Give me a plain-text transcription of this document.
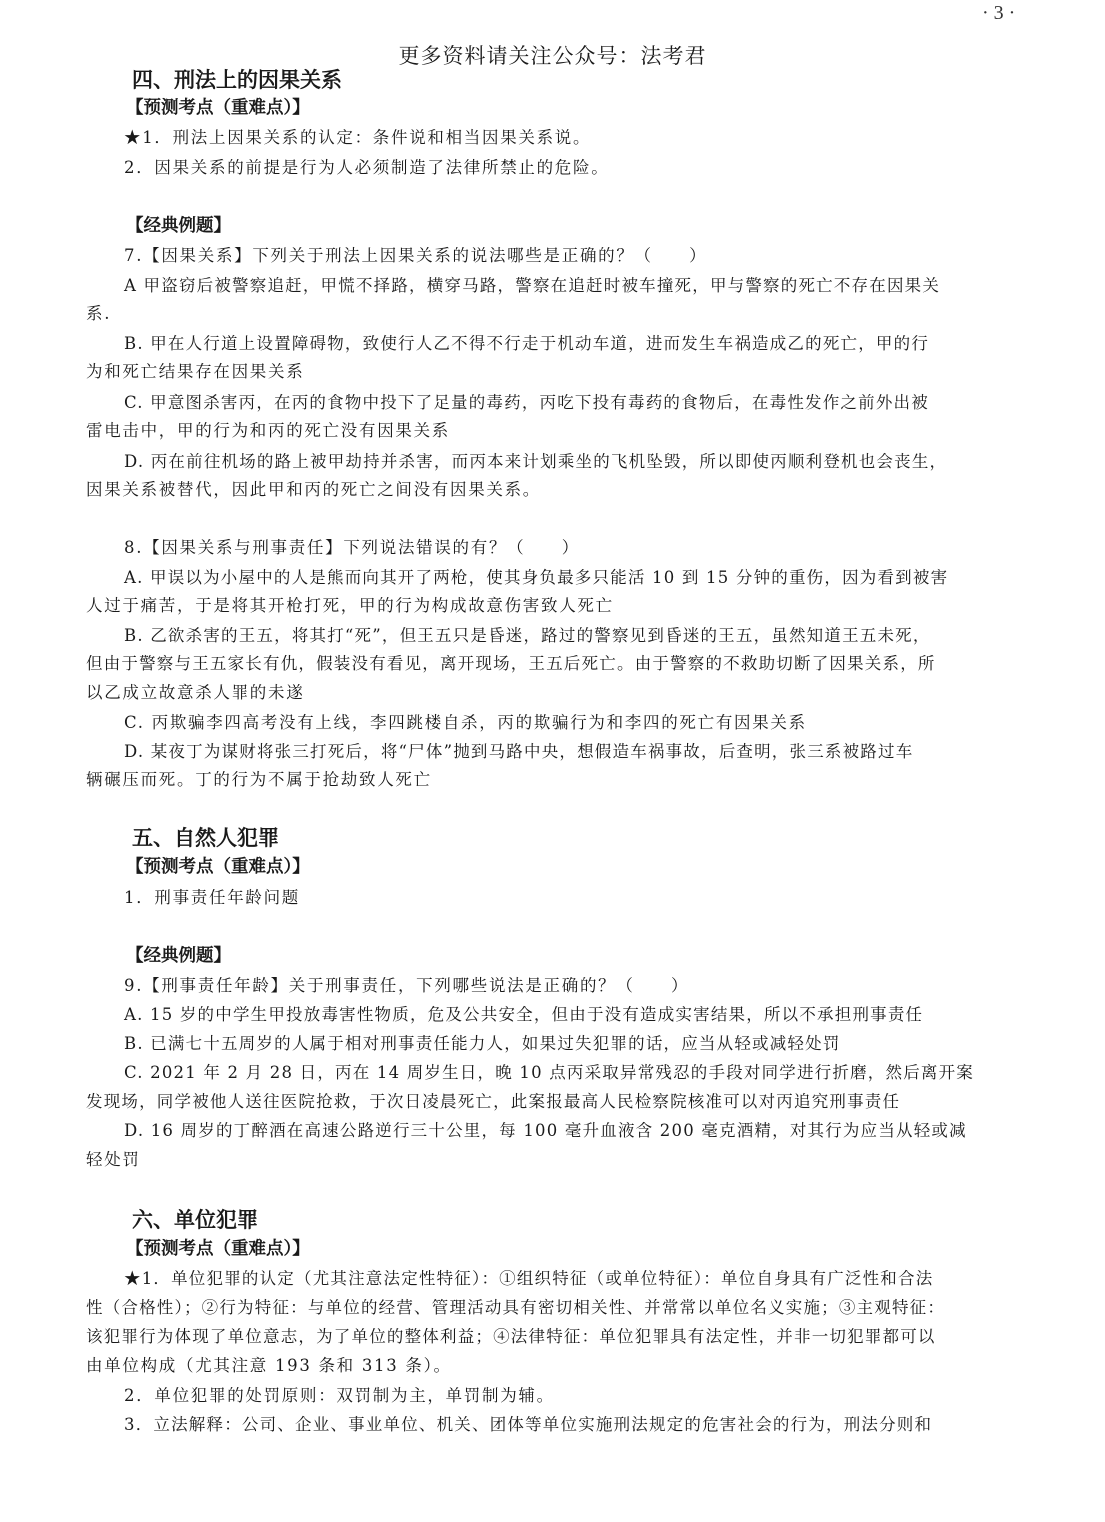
· 3 ·
更多资料请关注公众号：法考君
四、刑法上的因果关系
【预测考点（重难点）】
★1．刑法上因果关系的认定：条件说和相当因果关系说。
2．因果关系的前提是行为人必须制造了法律所禁止的危险。
【经典例题】
7.【因果关系】下列关于刑法上因果关系的说法哪些是正确的？（　　）
A 甲盗窃后被警察追赶，甲慌不择路，横穿马路，警察在追赶时被车撞死，甲与警察的死亡不存在因果关
系.
B. 甲在人行道上设置障碍物，致使行人乙不得不行走于机动车道，进而发生车祸造成乙的死亡，甲的行
为和死亡结果存在因果关系
C. 甲意图杀害丙，在丙的食物中投下了足量的毒药，丙吃下投有毒药的食物后，在毒性发作之前外出被
雷电击中，甲的行为和丙的死亡没有因果关系
D. 丙在前往机场的路上被甲劫持并杀害，而丙本来计划乘坐的飞机坠毁，所以即使丙顺利登机也会丧生，
因果关系被替代，因此甲和丙的死亡之间没有因果关系。
8.【因果关系与刑事责任】下列说法错误的有？（　　）
A. 甲误以为小屋中的人是熊而向其开了两枪，使其身负最多只能活 10 到 15 分钟的重伤，因为看到被害
人过于痛苦，于是将其开枪打死，甲的行为构成故意伤害致人死亡
B. 乙欲杀害的王五，将其打“死”，但王五只是昏迷，路过的警察见到昏迷的王五，虽然知道王五未死，
但由于警察与王五家长有仇，假装没有看见，离开现场，王五后死亡。由于警察的不救助切断了因果关系，所
以乙成立故意杀人罪的未遂
C. 丙欺骗李四高考没有上线，李四跳楼自杀，丙的欺骗行为和李四的死亡有因果关系
D. 某夜丁为谋财将张三打死后，将“尸体”抛到马路中央，想假造车祸事故，后查明，张三系被路过车
辆碾压而死。丁的行为不属于抢劫致人死亡
五、自然人犯罪
【预测考点（重难点）】
1．刑事责任年龄问题
【经典例题】
9.【刑事责任年龄】关于刑事责任，下列哪些说法是正确的？（　　）
A. 15 岁的中学生甲投放毒害性物质，危及公共安全，但由于没有造成实害结果，所以不承担刑事责任
B. 已满七十五周岁的人属于相对刑事责任能力人，如果过失犯罪的话，应当从轻或减轻处罚
C. 2021 年 2 月 28 日，丙在 14 周岁生日，晚 10 点丙采取异常残忍的手段对同学进行折磨，然后离开案
发现场，同学被他人送往医院抢救，于次日凌晨死亡，此案报最高人民检察院核准可以对丙追究刑事责任
D. 16 周岁的丁醉酒在高速公路逆行三十公里，每 100 毫升血液含 200 毫克酒精，对其行为应当从轻或减
轻处罚
六、单位犯罪
【预测考点（重难点）】
★1．单位犯罪的认定（尤其注意法定性特征）：①组织特征（或单位特征）：单位自身具有广泛性和合法
性（合格性）；②行为特征：与单位的经营、管理活动具有密切相关性、并常常以单位名义实施；③主观特征：
该犯罪行为体现了单位意志，为了单位的整体利益；④法律特征：单位犯罪具有法定性，并非一切犯罪都可以
由单位构成（尤其注意 193 条和 313 条）。
2．单位犯罪的处罚原则：双罚制为主，单罚制为辅。
3．立法解释：公司、企业、事业单位、机关、团体等单位实施刑法规定的危害社会的行为，刑法分则和
